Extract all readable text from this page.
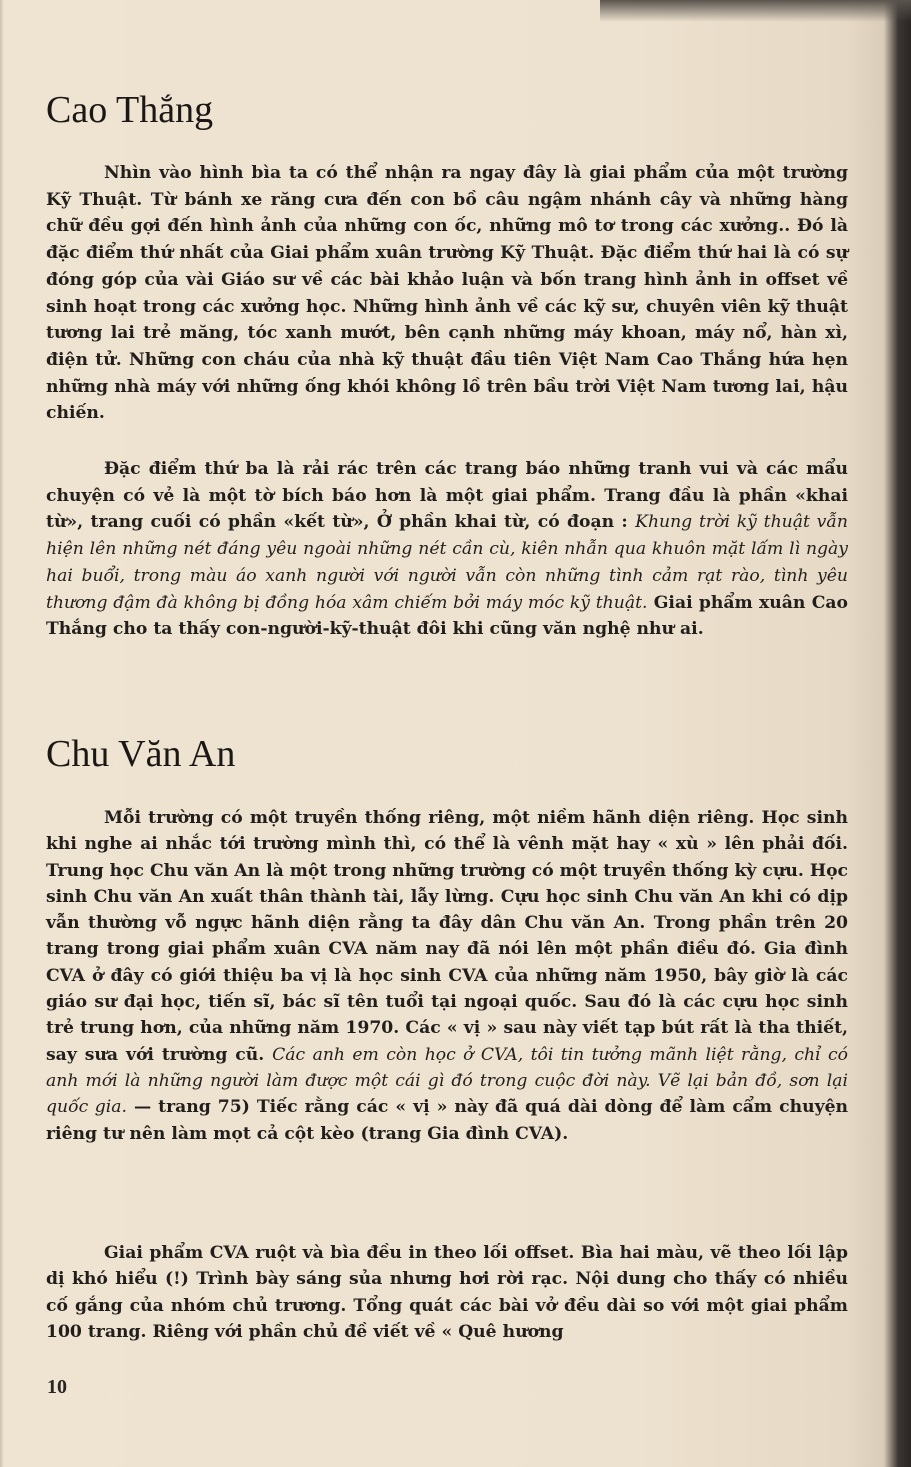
Cao Thắng

Nhìn vào hình bìa ta có thể nhận ra ngay đây là giai phẩm của một trường Kỹ Thuật. Từ bánh xe răng cưa đến con bồ câu ngậm nhánh cây và những hàng chữ đều gợi đến hình ảnh của những con ốc, những mô tơ trong các xưởng.. Đó là đặc điểm thứ nhất của Giai phẩm xuân trường Kỹ Thuật. Đặc điểm thứ hai là có sự đóng góp của vài Giáo sư về các bài khảo luận và bốn trang hình ảnh in offset về sinh hoạt trong các xưởng học. Những hình ảnh về các kỹ sư, chuyên viên kỹ thuật tương lai trẻ măng, tóc xanh mướt, bên cạnh những máy khoan, máy nổ, hàn xì, điện tử. Những con cháu của nhà kỹ thuật đầu tiên Việt Nam Cao Thắng hứa hẹn những nhà máy với những ống khói không lồ trên bầu trời Việt Nam tương lai, hậu chiến.

Đặc điểm thứ ba là rải rác trên các trang báo những tranh vui và các mẩu chuyện có vẻ là một tờ bích báo hơn là một giai phẩm. Trang đầu là phần «khai từ», trang cuối có phần «kết từ», Ở phần khai từ, có đoạn : Khung trời kỹ thuật vẫn hiện lên những nét đáng yêu ngoài những nét cần cù, kiên nhẫn qua khuôn mặt lấm lì ngày hai buổi, trong màu áo xanh người với người vẫn còn những tình cảm rạt rào, tình yêu thương đậm đà không bị đồng hóa xâm chiếm bởi máy móc kỹ thuật. Giai phẩm xuân Cao Thắng cho ta thấy con-người-kỹ-thuật đôi khi cũng văn nghệ như ai.

Chu Văn An

Mỗi trường có một truyền thống riêng, một niềm hãnh diện riêng. Học sinh khi nghe ai nhắc tới trường mình thì, có thể là vênh mặt hay « xù » lên phải đối. Trung học Chu văn An là một trong những trường có một truyền thống kỳ cựu. Học sinh Chu văn An xuất thân thành tài, lẫy lừng. Cựu học sinh Chu văn An khi có dịp vẫn thường vỗ ngực hãnh diện rằng ta đây dân Chu văn An. Trong phần trên 20 trang trong giai phẩm xuân CVA năm nay đã nói lên một phần điều đó. Gia đình CVA ở đây có giới thiệu ba vị là học sinh CVA của những năm 1950, bây giờ là các giáo sư đại học, tiến sĩ, bác sĩ tên tuổi tại ngoại quốc. Sau đó là các cựu học sinh trẻ trung hơn, của những năm 1970. Các « vị » sau này viết tạp bút rất là tha thiết, say sưa với trường cũ. Các anh em còn học ở CVA, tôi tin tưởng mãnh liệt rằng, chỉ có anh mới là những người làm được một cái gì đó trong cuộc đời này. Vẽ lại bản đồ, sơn lại quốc gia. — trang 75) Tiếc rằng các « vị » này đã quá dài dòng để làm cẩm chuyện riêng tư nên làm mọt cả cột kèo (trang Gia đình CVA).

Giai phẩm CVA ruột và bìa đều in theo lối offset. Bìa hai màu, vẽ theo lối lập dị khó hiểu (!) Trình bày sáng sủa nhưng hơi rời rạc. Nội dung cho thấy có nhiều cố gắng của nhóm chủ trương. Tổng quát các bài vở đều dài so với một giai phẩm 100 trang. Riêng với phần chủ đề viết về « Quê hương

10
